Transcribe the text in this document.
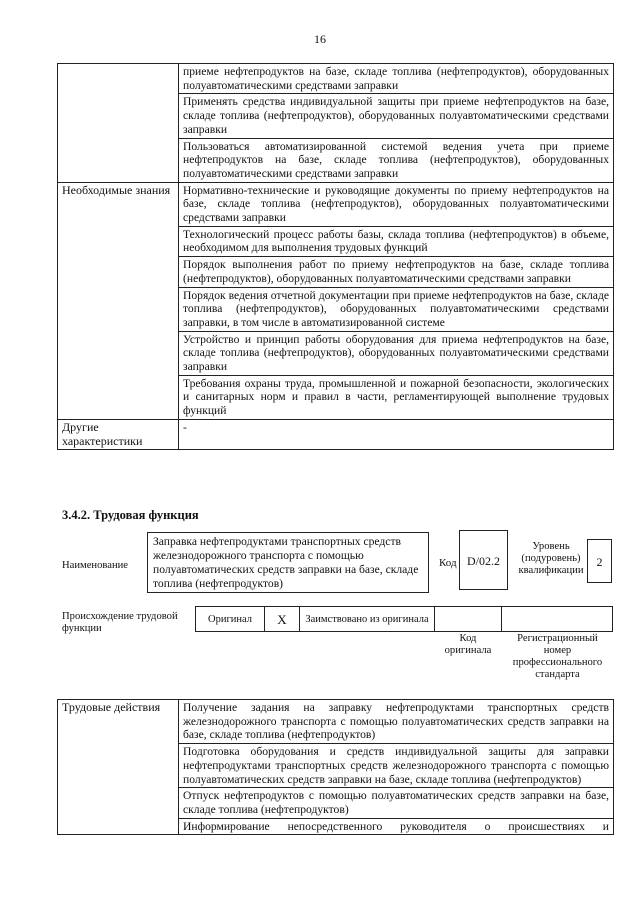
16
	приеме нефтепродуктов на базе, складе топлива (нефтепродуктов), оборудованных полуавтоматическими средствами заправки
	Применять средства индивидуальной защиты при приеме нефтепродуктов на базе, складе топлива (нефтепродуктов), оборудованных полуавтоматическими средствами заправки
	Пользоваться автоматизированной системой ведения учета при приеме нефтепродуктов на базе, складе топлива (нефтепродуктов), оборудованных полуавтоматическими средствами заправки
Необходимые знания	Нормативно-технические и руководящие документы по приему нефтепродуктов на базе, складе топлива (нефтепродуктов), оборудованных полуавтоматическими средствами заправки
	Технологический процесс работы базы, склада топлива (нефтепродуктов) в объеме, необходимом для выполнения трудовых функций
	Порядок выполнения работ по приему нефтепродуктов на базе, складе топлива (нефтепродуктов), оборудованных полуавтоматическими средствами заправки
	Порядок ведения отчетной документации при приеме нефтепродуктов на базе, складе топлива (нефтепродуктов), оборудованных полуавтоматическими средствами заправки, в том числе в автоматизированной системе
	Устройство и принцип работы оборудования для приема нефтепродуктов на базе, складе топлива (нефтепродуктов), оборудованных полуавтоматическими средствами заправки
	Требования охраны труда, промышленной и пожарной безопасности, экологических и санитарных норм и правил в части, регламентирующей выполнение трудовых функций
Другие характеристики	-
3.4.2. Трудовая функция
Наименование
Заправка нефтепродуктами транспортных средств железнодорожного транспорта с помощью полуавтоматических средств заправки на базе, складе топлива (нефтепродуктов)
Код D/02.2
Уровень (подуровень) квалификации
2
Происхождение трудовой функции
Оригинал	X	Заимствовано из оригинала		
Код оригинала
Регистрационный номер профессионального стандарта
Трудовые действия	Получение задания на заправку нефтепродуктами транспортных средств железнодорожного транспорта с помощью полуавтоматических средств заправки на базе, складе топлива (нефтепродуктов)
Подготовка оборудования и средств индивидуальной защиты для заправки нефтепродуктами транспортных средств железнодорожного транспорта с помощью полуавтоматических средств заправки на базе, складе топлива (нефтепродуктов)
Отпуск нефтепродуктов с помощью полуавтоматических средств заправки на базе, складе топлива (нефтепродуктов)
Информирование непосредственного руководителя о происшествиях и
